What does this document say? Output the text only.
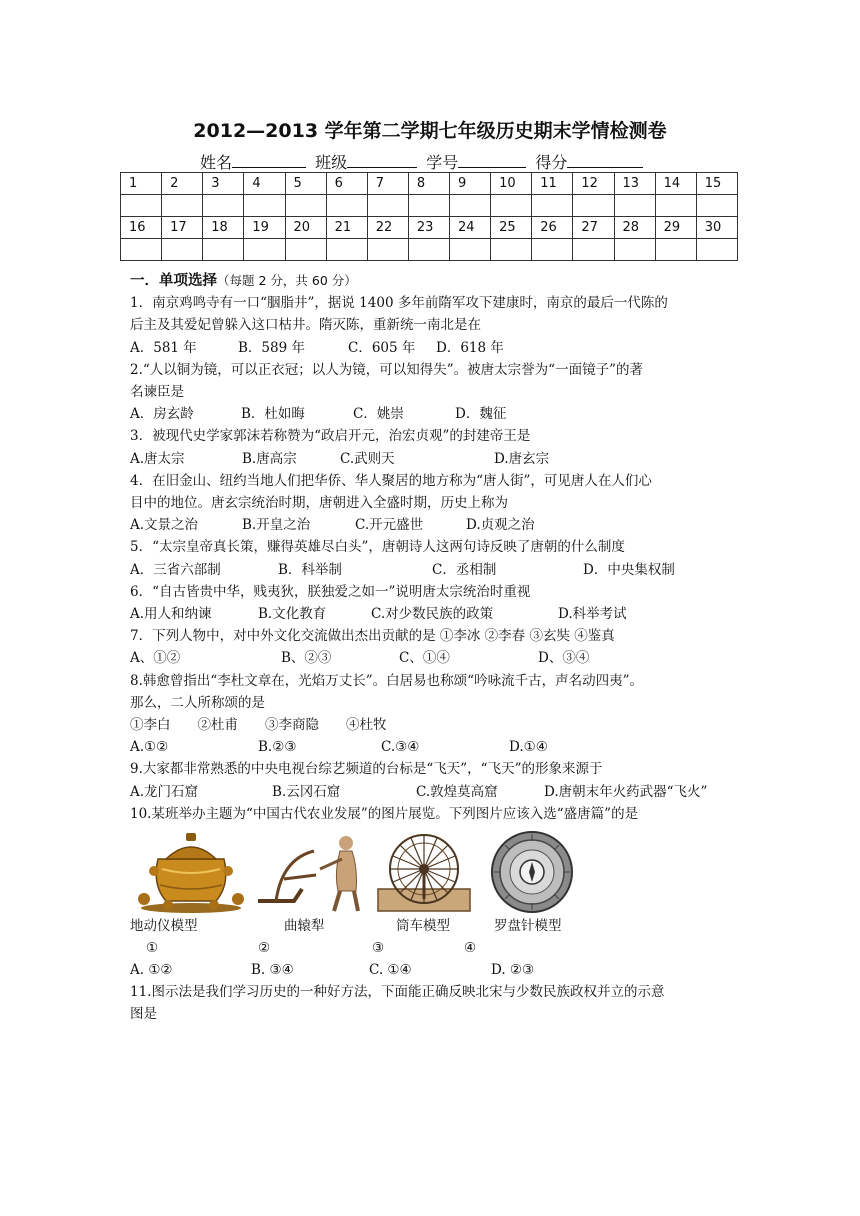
2012—2013 学年第二学期七年级历史期末学情检测卷
姓名	班级	学号	得分
1	2	3	4	5	6	7	8	9	10	11	12	13	14	15

16	17	18	19	20	21	22	23	24	25	26	27	28	29	30

一．单项选择（每题 2 分，共 60 分）

1．南京鸡鸣寺有一口“胭脂井”，据说 1400 多年前隋军攻下建康时，南京的最后一代陈的

后主及其爱妃曾躲入这口枯井。隋灭陈，重新统一南北是在

A．581 年	B．589 年	C．605 年 D．618 年

2.“人以铜为镜，可以正衣冠；以人为镜，可以知得失”。被唐太宗誉为“一面镜子”的著

名谏臣是

A．房玄龄	B．杜如晦	C．姚崇	D．魏征

3．被现代史学家郭沫若称赞为“政启开元，治宏贞观”的封建帝王是

A.唐太宗	B.唐高宗	C.武则天	D.唐玄宗

4．在旧金山、纽约当地人们把华侨、华人聚居的地方称为“唐人街”，可见唐人在人们心

目中的地位。唐玄宗统治时期，唐朝进入全盛时期，历史上称为

A.文景之治	B.开皇之治	C.开元盛世	D.贞观之治

5．“太宗皇帝真长策，赚得英雄尽白头”，唐朝诗人这两句诗反映了唐朝的什么制度

A．三省六部制	B．科举制	C．丞相制	D．中央集权制

6．“自古皆贵中华，贱夷狄，朕独爱之如一”说明唐太宗统治时重视

A.用人和纳谏	B.文化教育	C.对少数民族的政策	D.科举考试

7．下列人物中，对中外文化交流做出杰出贡献的是 ①李冰 ②李春 ③玄奘 ④鉴真

A、①②	B、②③	C、①④	D、③④

8.韩愈曾指出“李杜文章在，光焰万丈长”。白居易也称颂“吟咏流千古，声名动四夷”。

那么，二人所称颂的是

①李白　　②杜甫　　③李商隐　　④杜牧

A.①②	B.②③	C.③④	D.①④

9.大家都非常熟悉的中央电视台综艺频道的台标是“飞天”，“飞天”的形象来源于

A.龙门石窟	B.云冈石窟	C.敦煌莫高窟	D.唐朝末年火药武器“飞火”

10.某班举办主题为“中国古代农业发展”的图片展览。下列图片应该入选“盛唐篇”的是

地动仪模型	曲辕犁	筒车模型	罗盘针模型
①	②	③	④

A. ①②	B. ③④	C. ①④	D. ②③

11.图示法是我们学习历史的一种好方法，下面能正确反映北宋与少数民族政权并立的示意

图是
